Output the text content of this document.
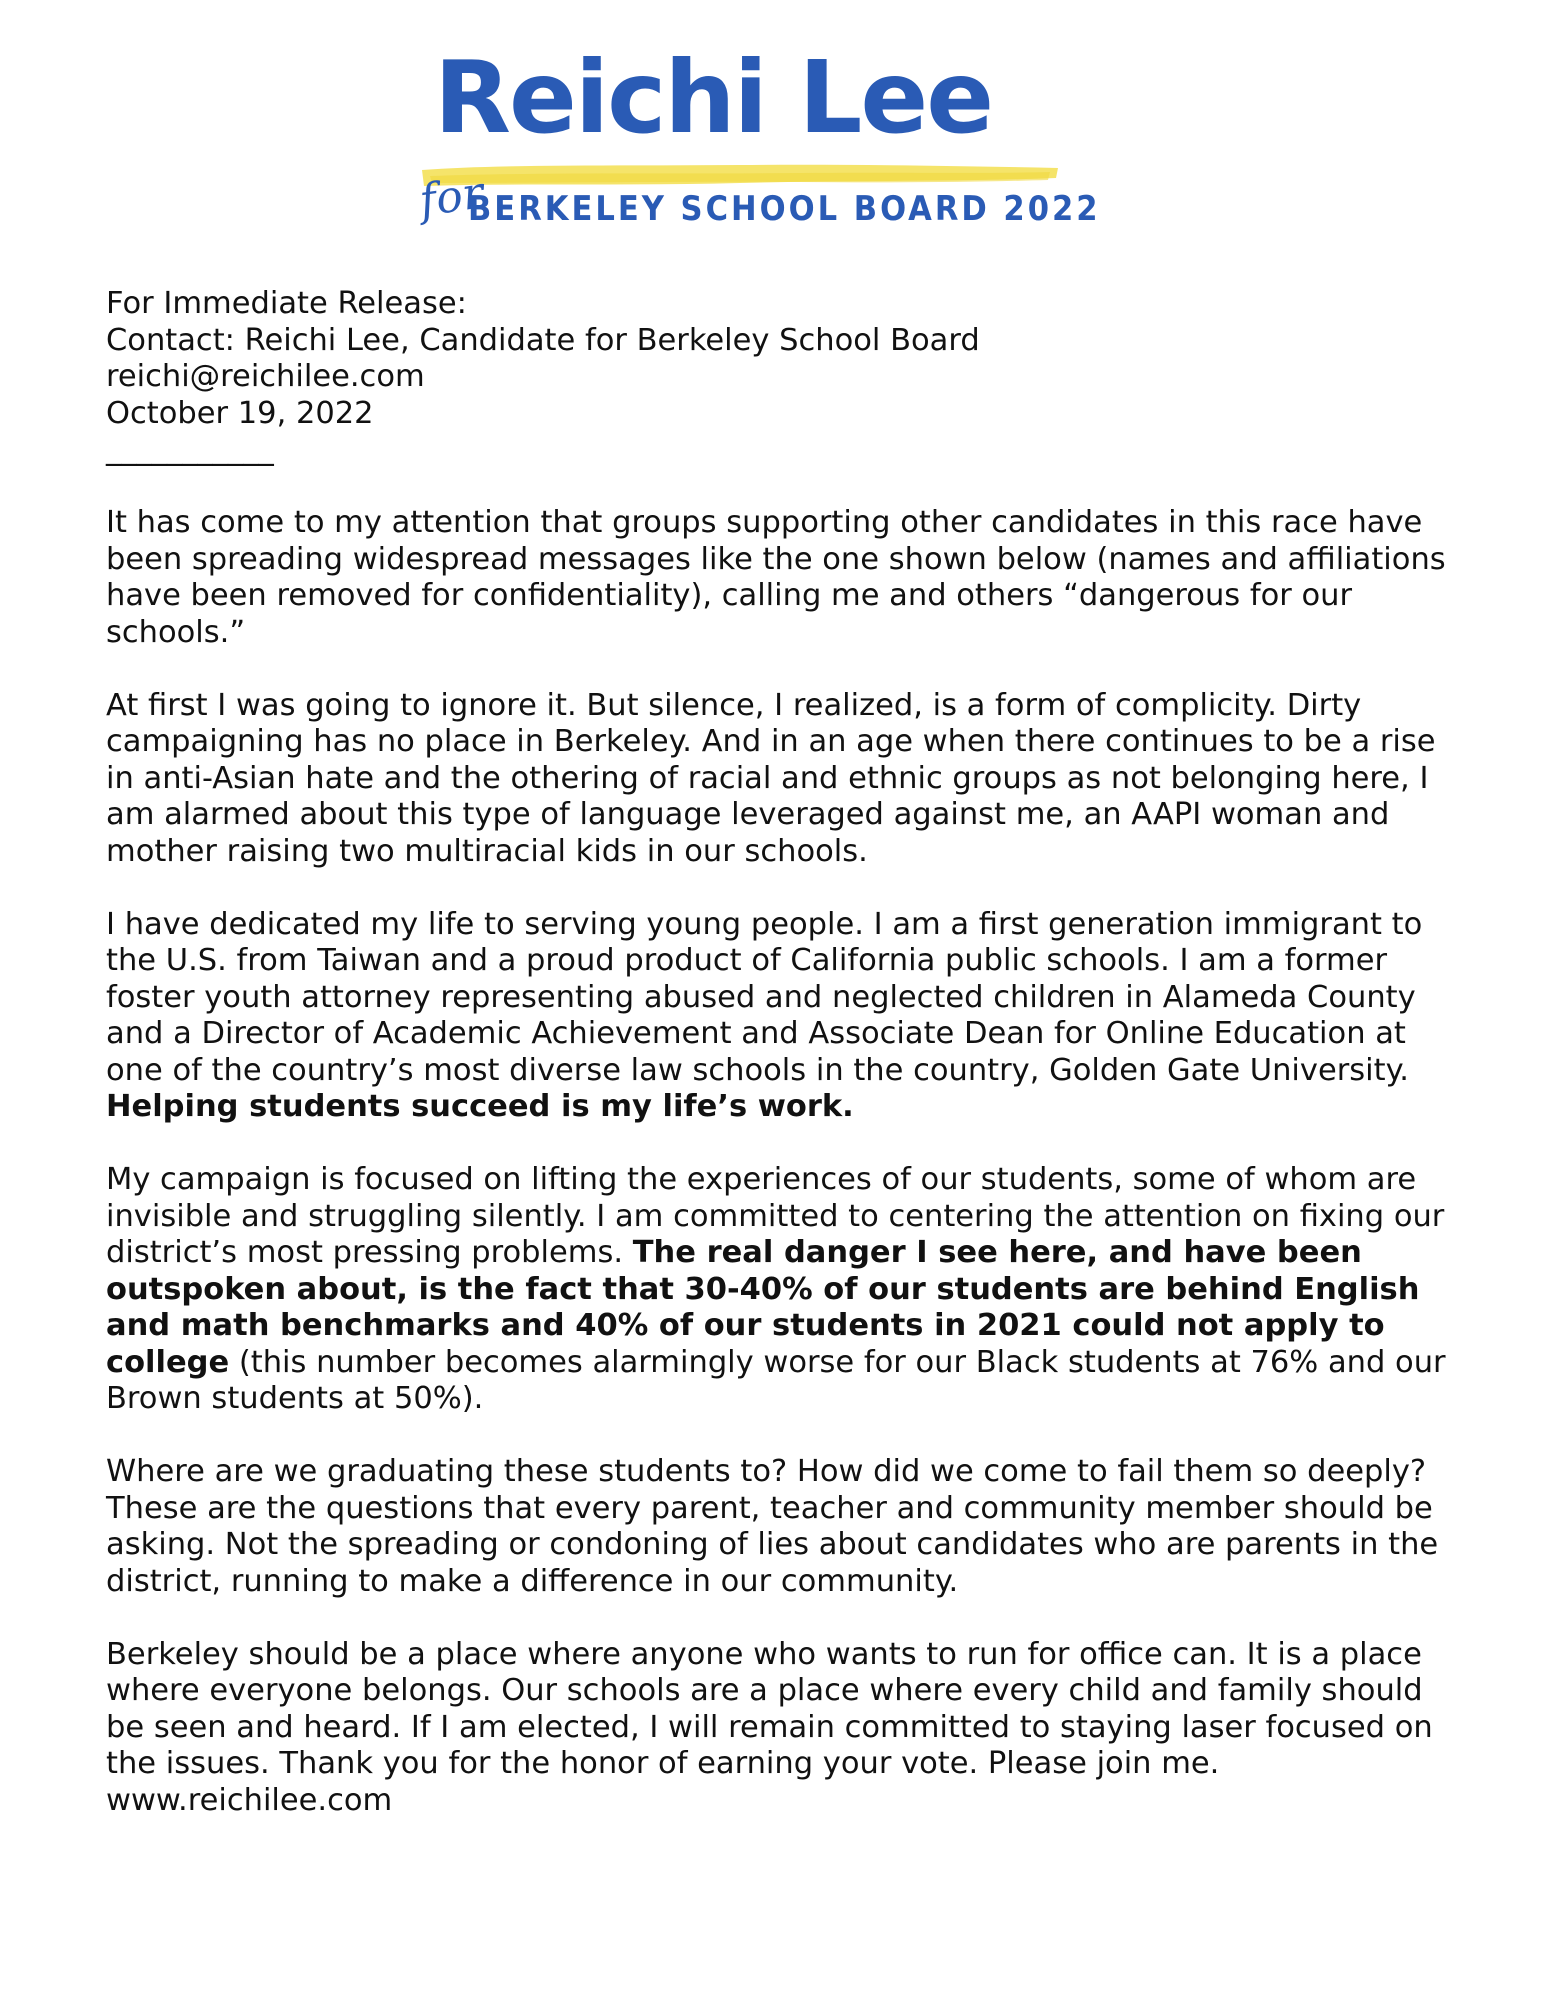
Reichi Lee
for
BERKELEY SCHOOL BOARD 2022

For Immediate Release:

Contact: Reichi Lee, Candidate for Berkeley School Board

reichi@reichilee.com

October 19, 2022

___________

It has come to my attention that groups supporting other candidates in this race have been spreading widespread messages like the one shown below (names and affiliations have been removed for confidentiality), calling me and others “dangerous for our schools.”

At first I was going to ignore it. But silence, I realized, is a form of complicity. Dirty campaigning has no place in Berkeley. And in an age when there continues to be a rise in anti-Asian hate and the othering of racial and ethnic groups as not belonging here, I am alarmed about this type of language leveraged against me, an AAPI woman and mother raising two multiracial kids in our schools.

I have dedicated my life to serving young people. I am a first generation immigrant to the U.S. from Taiwan and a proud product of California public schools. I am a former foster youth attorney representing abused and neglected children in Alameda County and a Director of Academic Achievement and Associate Dean for Online Education at one of the country’s most diverse law schools in the country, Golden Gate University. Helping students succeed is my life’s work.

My campaign is focused on lifting the experiences of our students, some of whom are invisible and struggling silently. I am committed to centering the attention on fixing our district’s most pressing problems. The real danger I see here, and have been outspoken about, is the fact that 30-40% of our students are behind English and math benchmarks and 40% of our students in 2021 could not apply to college (this number becomes alarmingly worse for our Black students at 76% and our Brown students at 50%).

Where are we graduating these students to? How did we come to fail them so deeply? These are the questions that every parent, teacher and community member should be asking. Not the spreading or condoning of lies about candidates who are parents in the district, running to make a difference in our community.

Berkeley should be a place where anyone who wants to run for office can. It is a place where everyone belongs. Our schools are a place where every child and family should be seen and heard. If I am elected, I will remain committed to staying laser focused on the issues. Thank you for the honor of earning your vote. Please join me. www.reichilee.com
